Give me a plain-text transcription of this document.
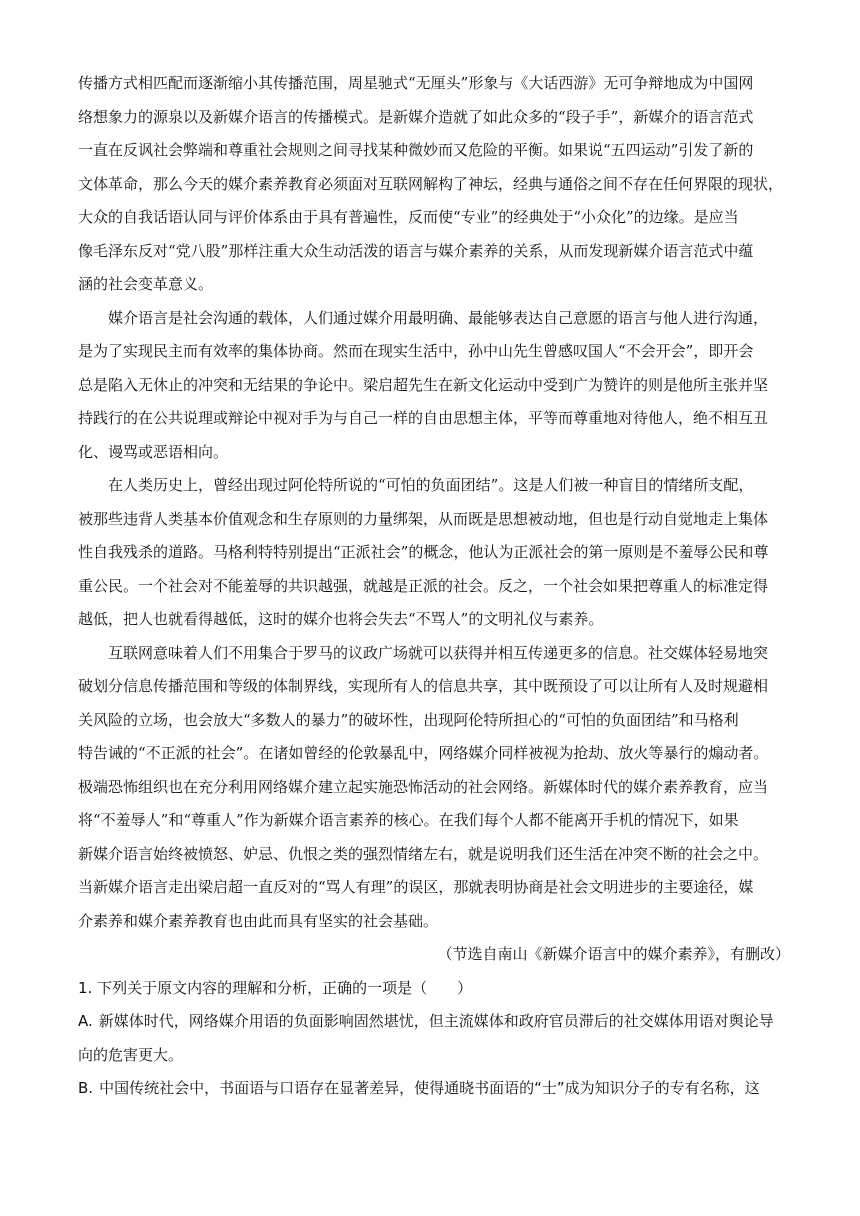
传播方式相匹配而逐渐缩小其传播范围，周星驰式“无厘头”形象与《大话西游》无可争辩地成为中国网
络想象力的源泉以及新媒介语言的传播模式。是新媒介造就了如此众多的“段子手”，新媒介的语言范式
一直在反讽社会弊端和尊重社会规则之间寻找某种微妙而又危险的平衡。如果说“五四运动”引发了新的
文体革命，那么今天的媒介素养教育必须面对互联网解构了神坛，经典与通俗之间不存在任何界限的现状，
大众的自我话语认同与评价体系由于具有普遍性，反而使“专业”的经典处于“小众化”的边缘。是应当
像毛泽东反对“党八股”那样注重大众生动活泼的语言与媒介素养的关系，从而发现新媒介语言范式中蕴
涵的社会变革意义。
媒介语言是社会沟通的载体，人们通过媒介用最明确、最能够表达自己意愿的语言与他人进行沟通，
是为了实现民主而有效率的集体协商。然而在现实生活中，孙中山先生曾感叹国人“不会开会”，即开会
总是陷入无休止的冲突和无结果的争论中。梁启超先生在新文化运动中受到广为赞许的则是他所主张并坚
持践行的在公共说理或辩论中视对手为与自己一样的自由思想主体，平等而尊重地对待他人，绝不相互丑
化、谩骂或恶语相向。
在人类历史上，曾经出现过阿伦特所说的“可怕的负面团结”。这是人们被一种盲目的情绪所支配，
被那些违背人类基本价值观念和生存原则的力量绑架，从而既是思想被动地，但也是行动自觉地走上集体
性自我残杀的道路。马格利特特别提出“正派社会”的概念，他认为正派社会的第一原则是不羞辱公民和尊
重公民。一个社会对不能羞辱的共识越强，就越是正派的社会。反之，一个社会如果把尊重人的标准定得
越低，把人也就看得越低，这时的媒介也将会失去“不骂人”的文明礼仪与素养。
互联网意味着人们不用集合于罗马的议政广场就可以获得并相互传递更多的信息。社交媒体轻易地突
破划分信息传播范围和等级的体制界线，实现所有人的信息共享，其中既预设了可以让所有人及时规避相
关风险的立场，也会放大“多数人的暴力”的破坏性，出现阿伦特所担心的“可怕的负面团结”和马格利
特告诫的“不正派的社会”。在诸如曾经的伦敦暴乱中，网络媒介同样被视为抢劫、放火等暴行的煽动者。
极端恐怖组织也在充分利用网络媒介建立起实施恐怖活动的社会网络。新媒体时代的媒介素养教育，应当
将“不羞辱人”和“尊重人”作为新媒介语言素养的核心。在我们每个人都不能离开手机的情况下，如果
新媒介语言始终被愤怒、妒忌、仇恨之类的强烈情绪左右，就是说明我们还生活在冲突不断的社会之中。
当新媒介语言走出梁启超一直反对的“骂人有理”的误区，那就表明协商是社会文明进步的主要途径，媒
介素养和媒介素养教育也由此而具有坚实的社会基础。
（节选自南山《新媒介语言中的媒介素养》，有删改）
1. 下列关于原文内容的理解和分析，正确的一项是（　　）
A. 新媒体时代，网络媒介用语的负面影响固然堪忧，但主流媒体和政府官员滞后的社交媒体用语对舆论导
向的危害更大。
B. 中国传统社会中，书面语与口语存在显著差异，使得通晓书面语的“士”成为知识分子的专有名称，这
